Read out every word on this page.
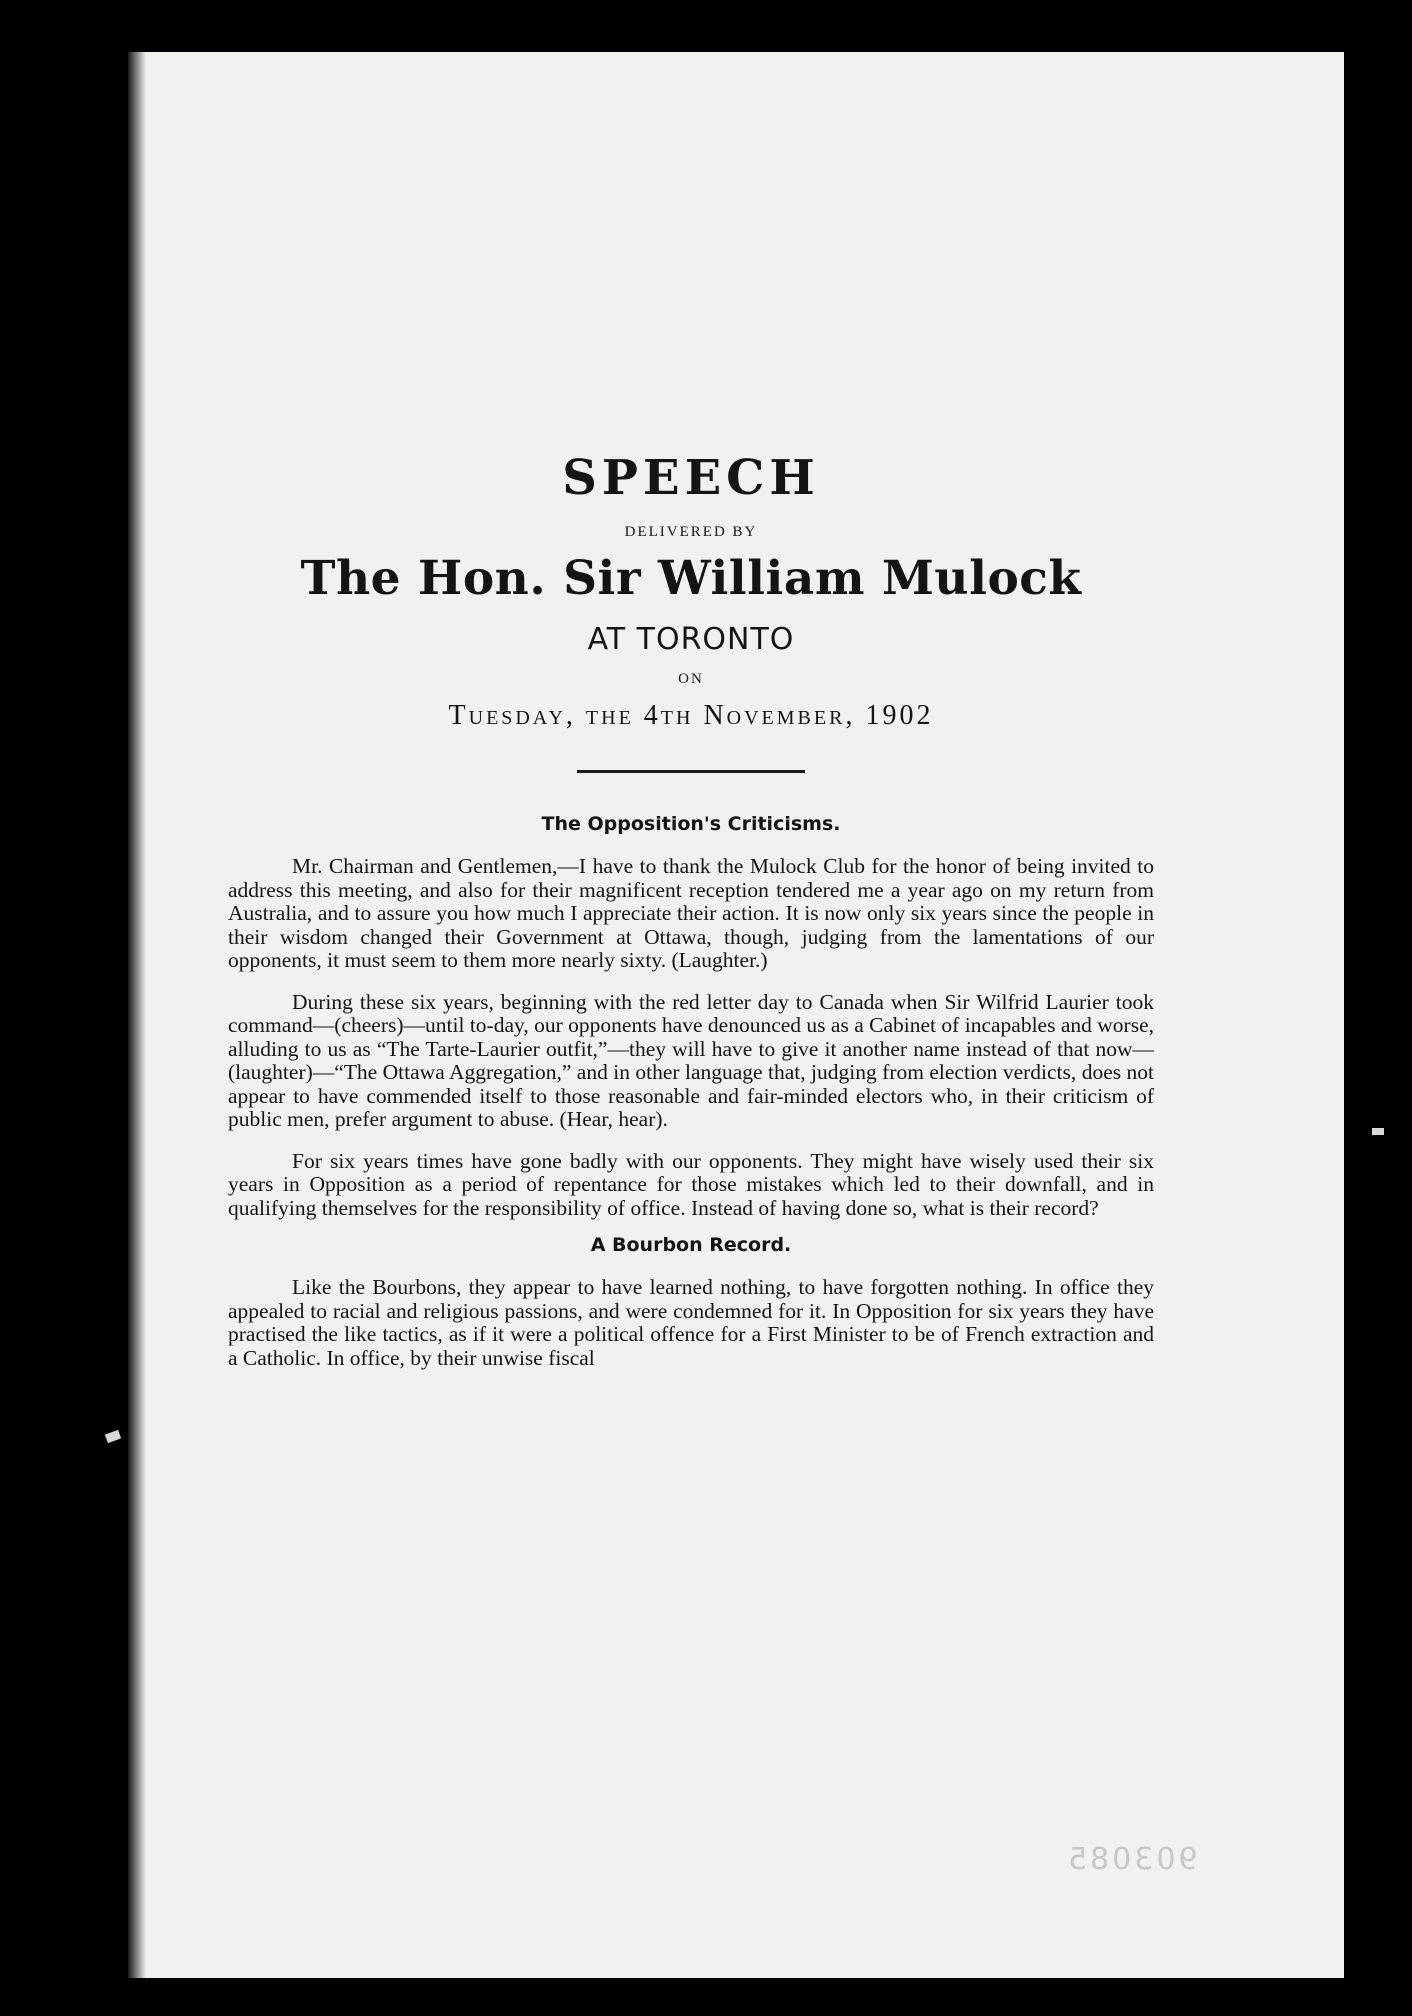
SPEECH
DELIVERED BY
The Hon. Sir William Mulock
AT TORONTO
ON
Tuesday, the 4th November, 1902
The Opposition's Criticisms.

Mr. Chairman and Gentlemen,—I have to thank the Mulock Club for the honor of being invited to address this meeting, and also for their magnificent reception tendered me a year ago on my return from Australia, and to assure you how much I appreciate their action. It is now only six years since the people in their wisdom changed their Government at Ottawa, though, judging from the lamentations of our opponents, it must seem to them more nearly sixty. (Laughter.)

During these six years, beginning with the red letter day to Canada when Sir Wilfrid Laurier took command—(cheers)—until to-day, our opponents have denounced us as a Cabinet of incapables and worse, alluding to us as “The Tarte-Laurier outfit,”—they will have to give it another name instead of that now—(laughter)—“The Ottawa Aggregation,” and in other language that, judging from election verdicts, does not appear to have commended itself to those reasonable and fair-minded electors who, in their criticism of public men, prefer argument to abuse. (Hear, hear).

For six years times have gone badly with our opponents. They might have wisely used their six years in Opposition as a period of repentance for those mistakes which led to their downfall, and in qualifying themselves for the responsibility of office. Instead of having done so, what is their record?

A Bourbon Record.

Like the Bourbons, they appear to have learned nothing, to have forgotten nothing. In office they appealed to racial and religious passions, and were condemned for it. In Opposition for six years they have practised the like tactics, as if it were a political offence for a First Minister to be of French extraction and a Catholic. In office, by their unwise fiscal

903085
